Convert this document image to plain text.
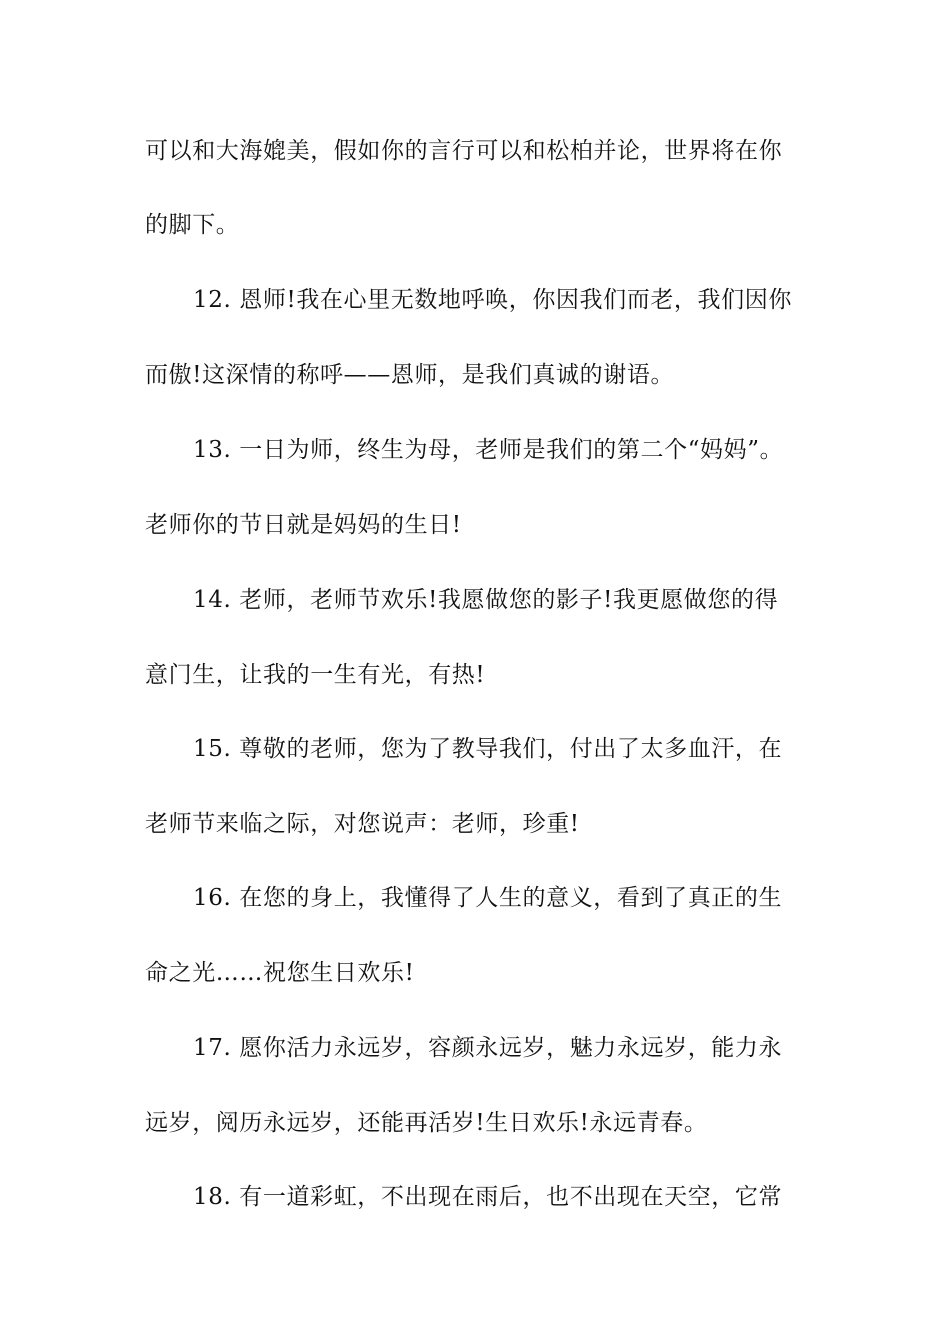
可以和大海媲美，假如你的言行可以和松柏并论，世界将在你
的脚下。
12. 恩师!我在心里无数地呼唤，你因我们而老，我们因你
而傲!这深情的称呼——恩师，是我们真诚的谢语。
13. 一日为师，终生为母，老师是我们的第二个“妈妈”。
老师你的节日就是妈妈的生日!
14. 老师，老师节欢乐!我愿做您的影子!我更愿做您的得
意门生，让我的一生有光，有热!
15. 尊敬的老师，您为了教导我们，付出了太多血汗，在
老师节来临之际，对您说声：老师，珍重!
16. 在您的身上，我懂得了人生的意义，看到了真正的生
命之光……祝您生日欢乐!
17. 愿你活力永远岁，容颜永远岁，魅力永远岁，能力永
远岁，阅历永远岁，还能再活岁!生日欢乐!永远青春。
18. 有一道彩虹，不出现在雨后，也不出现在天空，它常
